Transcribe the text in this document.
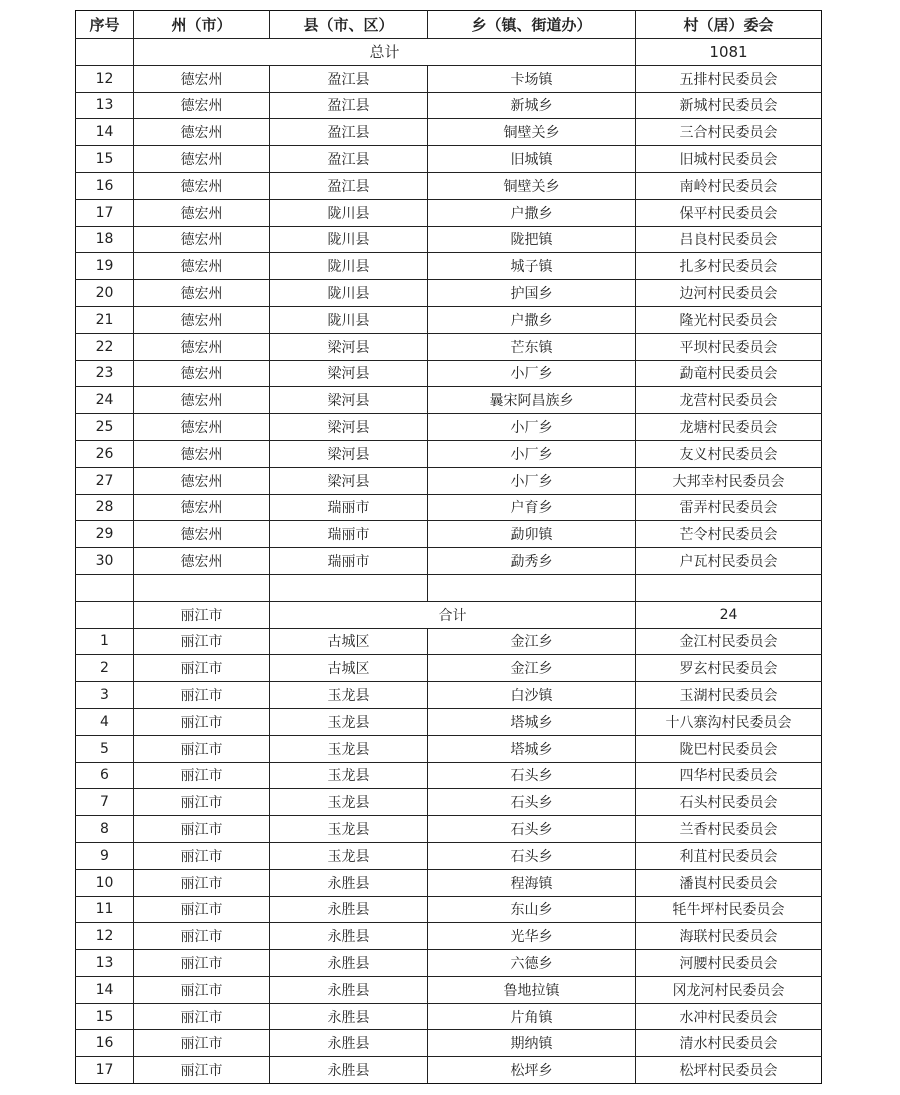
序号	州（市）	县（市、区）	乡（镇、街道办）	村（居）委会
	总计			1081
12	德宏州	盈江县	卡场镇	五排村民委员会
13	德宏州	盈江县	新城乡	新城村民委员会
14	德宏州	盈江县	铜壁关乡	三合村民委员会
15	德宏州	盈江县	旧城镇	旧城村民委员会
16	德宏州	盈江县	铜壁关乡	南岭村民委员会
17	德宏州	陇川县	户撒乡	保平村民委员会
18	德宏州	陇川县	陇把镇	吕良村民委员会
19	德宏州	陇川县	城子镇	扎多村民委员会
20	德宏州	陇川县	护国乡	边河村民委员会
21	德宏州	陇川县	户撒乡	隆光村民委员会
22	德宏州	梁河县	芒东镇	平坝村民委员会
23	德宏州	梁河县	小厂乡	勐竜村民委员会
24	德宏州	梁河县	曩宋阿昌族乡	龙营村民委员会
25	德宏州	梁河县	小厂乡	龙塘村民委员会
26	德宏州	梁河县	小厂乡	友义村民委员会
27	德宏州	梁河县	小厂乡	大邦幸村民委员会
28	德宏州	瑞丽市	户育乡	雷弄村民委员会
29	德宏州	瑞丽市	勐卯镇	芒令村民委员会
30	德宏州	瑞丽市	勐秀乡	户瓦村民委员会

	丽江市	合计		24
1	丽江市	古城区	金江乡	金江村民委员会
2	丽江市	古城区	金江乡	罗玄村民委员会
3	丽江市	玉龙县	白沙镇	玉湖村民委员会
4	丽江市	玉龙县	塔城乡	十八寨沟村民委员会
5	丽江市	玉龙县	塔城乡	陇巴村民委员会
6	丽江市	玉龙县	石头乡	四华村民委员会
7	丽江市	玉龙县	石头乡	石头村民委员会
8	丽江市	玉龙县	石头乡	兰香村民委员会
9	丽江市	玉龙县	石头乡	利苴村民委员会
10	丽江市	永胜县	程海镇	潘崀村民委员会
11	丽江市	永胜县	东山乡	牦牛坪村民委员会
12	丽江市	永胜县	光华乡	海联村民委员会
13	丽江市	永胜县	六德乡	河腰村民委员会
14	丽江市	永胜县	鲁地拉镇	冈龙河村民委员会
15	丽江市	永胜县	片角镇	水冲村民委员会
16	丽江市	永胜县	期纳镇	清水村民委员会
17	丽江市	永胜县	松坪乡	松坪村民委员会
